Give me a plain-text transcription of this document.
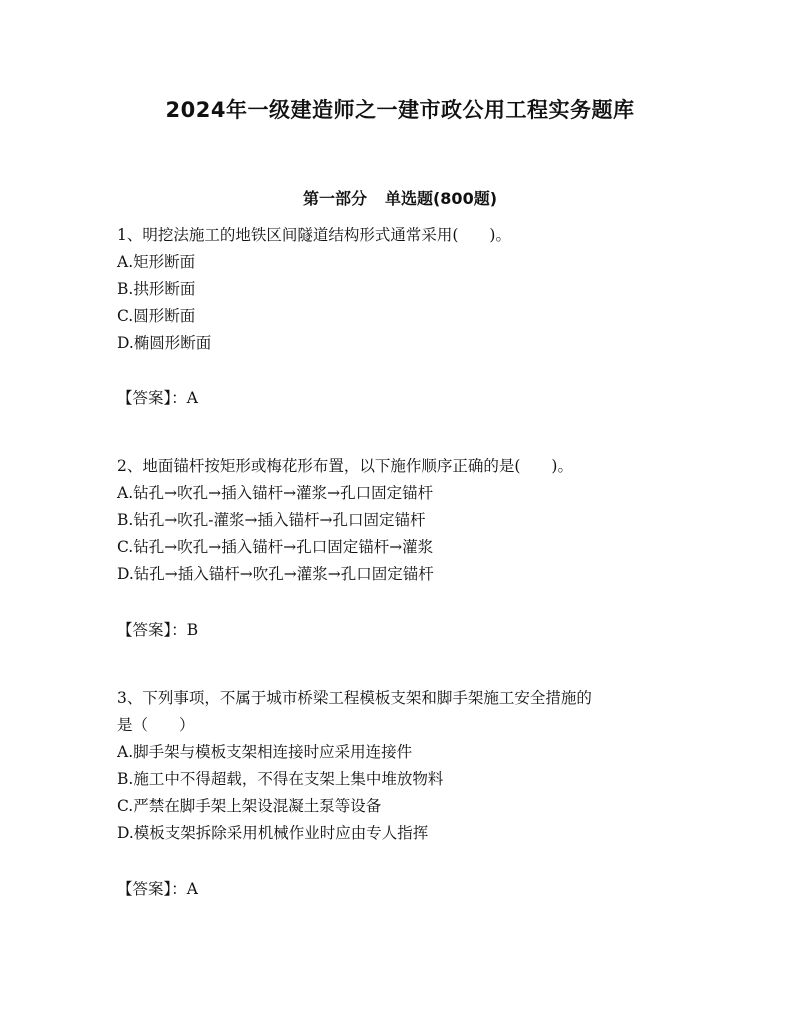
2024年一级建造师之一建市政公用工程实务题库
第一部分 单选题(800题)
1、明挖法施工的地铁区间隧道结构形式通常采用(　　)。
A.矩形断面
B.拱形断面
C.圆形断面
D.椭圆形断面
【答案】：A
2、地面锚杆按矩形或梅花形布置，以下施作顺序正确的是(　　)。
A.钻孔→吹孔→插入锚杆→灌浆→孔口固定锚杆
B.钻孔→吹孔-灌浆→插入锚杆→孔口固定锚杆
C.钻孔→吹孔→插入锚杆→孔口固定锚杆→灌浆
D.钻孔→插入锚杆→吹孔→灌浆→孔口固定锚杆
【答案】：B
3、下列事项，不属于城市桥梁工程模板支架和脚手架施工安全措施的
是（　　）
A.脚手架与模板支架相连接时应采用连接件
B.施工中不得超载，不得在支架上集中堆放物料
C.严禁在脚手架上架设混凝土泵等设备
D.模板支架拆除采用机械作业时应由专人指挥
【答案】：A
